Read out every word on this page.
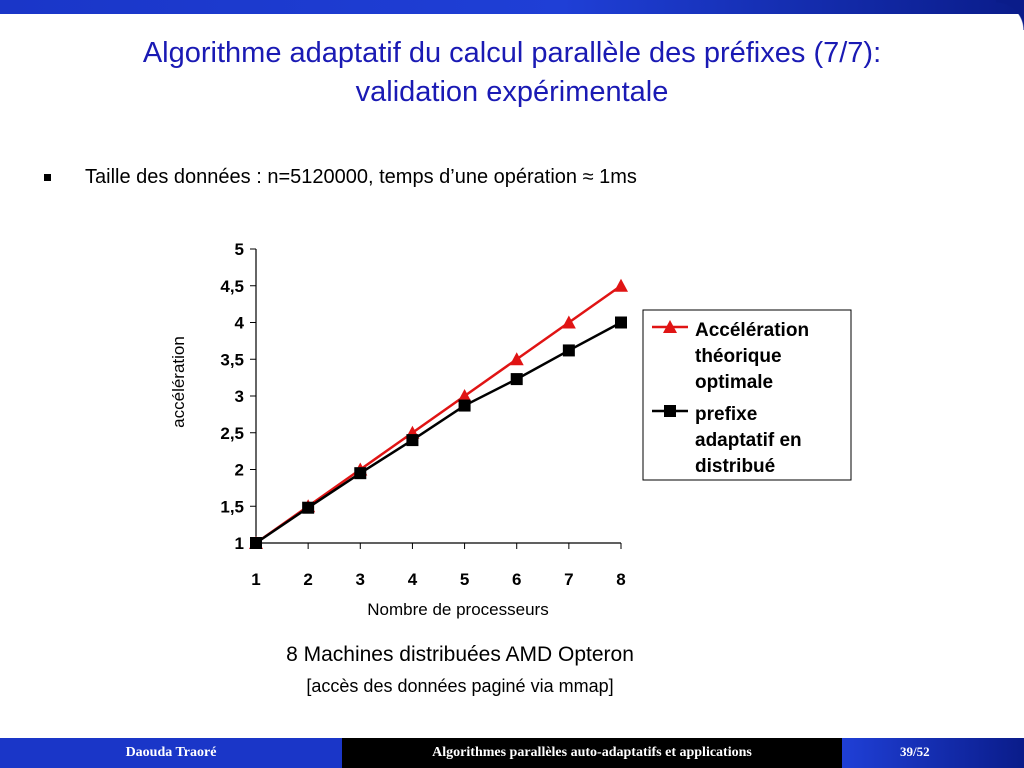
Algorithme adaptatif du calcul parallèle des préfixes (7/7):
validation expérimentale
Taille des données : n=5120000, temps d’une opération ≈ 1ms
1
1,5
2
2,5
3
3,5
4
4,5
5
1	2	3	4	5	6	7	8
accélération
Nombre de processeurs
Accélération
théorique
optimale
prefixe
adaptatif en
distribué
8 Machines distribuées AMD Opteron
[accès des données paginé via mmap]
Daouda Traoré	Algorithmes parallèles auto-adaptatifs et applications	39/52
